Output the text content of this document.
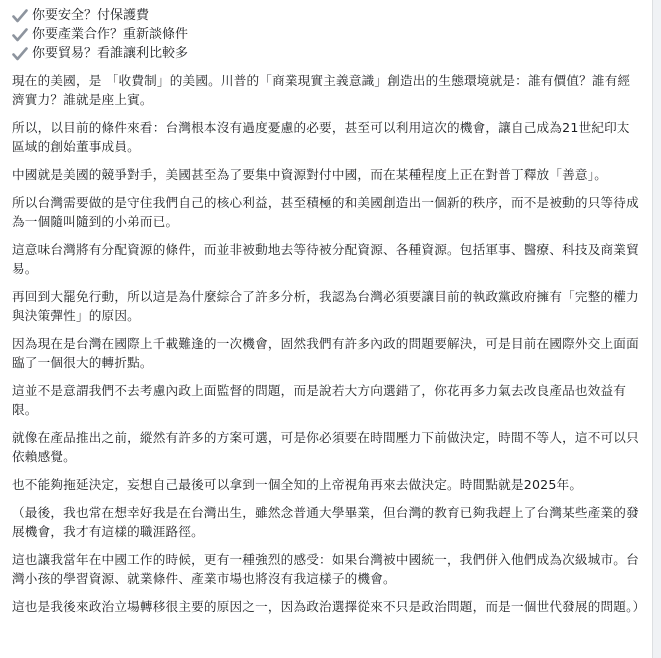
你要安全？付保護費
你要產業合作？重新談條件
你要貿易？看誰讓利比較多

現在的美國，是 「收費制」的美國。川普的「商業現實主義意識」創造出的生態環境就是：誰有價值？誰有經濟實力？誰就是座上賓。

所以，以目前的條件來看：台灣根本沒有過度憂慮的必要，甚至可以利用這次的機會，讓自己成為21世紀印太區域的創始董事成員。

中國就是美國的競爭對手，美國甚至為了要集中資源對付中國，而在某種程度上正在對普丁釋放「善意」。

所以台灣需要做的是守住我們自己的核心利益，甚至積極的和美國創造出一個新的秩序，而不是被動的只等待成為一個隨叫隨到的小弟而已。

這意味台灣將有分配資源的條件，而並非被動地去等待被分配資源、各種資源。包括軍事、醫療、科技及商業貿易。

再回到大罷免行動，所以這是為什麼綜合了許多分析，我認為台灣必須要讓目前的執政黨政府擁有「完整的權力與決策彈性」的原因。

因為現在是台灣在國際上千載難逢的一次機會，固然我們有許多內政的問題要解決，可是目前在國際外交上面面臨了一個很大的轉折點。

這並不是意謂我們不去考慮內政上面監督的問題，而是說若大方向選錯了，你花再多力氣去改良產品也效益有限。

就像在產品推出之前，縱然有許多的方案可選，可是你必須要在時間壓力下前做決定，時間不等人，這不可以只依賴感覺。

也不能夠拖延決定，妄想自己最後可以拿到一個全知的上帝視角再來去做決定。時間點就是2025年。

（最後，我也常在想幸好我是在台灣出生，雖然念普通大學畢業，但台灣的教育已夠我趕上了台灣某些產業的發展機會，我才有這樣的職涯路徑。

這也讓我當年在中國工作的時候，更有一種強烈的感受：如果台灣被中國統一，我們併入他們成為次級城市。台灣小孩的學習資源、就業條件、產業市場也將沒有我這樣子的機會。

這也是我後來政治立場轉移很主要的原因之一，因為政治選擇從來不只是政治問題，而是一個世代發展的問題。）
